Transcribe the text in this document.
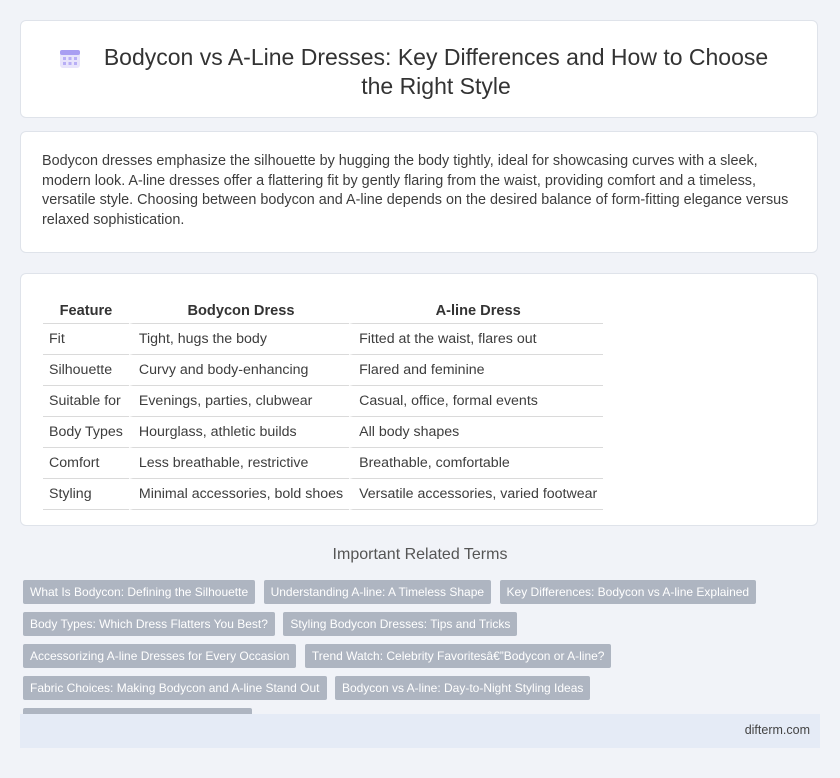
Bodycon vs A-Line Dresses: Key Differences and How to Choose the Right Style

Bodycon dresses emphasize the silhouette by hugging the body tightly, ideal for showcasing curves with a sleek, modern look. A-line dresses offer a flattering fit by gently flaring from the waist, providing comfort and a timeless, versatile style. Choosing between bodycon and A-line depends on the desired balance of form-fitting elegance versus relaxed sophistication.

Feature	Bodycon Dress	A-line Dress
Fit	Tight, hugs the body	Fitted at the waist, flares out
Silhouette	Curvy and body-enhancing	Flared and feminine
Suitable for	Evenings, parties, clubwear	Casual, office, formal events
Body Types	Hourglass, athletic builds	All body shapes
Comfort	Less breathable, restrictive	Breathable, comfortable
Styling	Minimal accessories, bold shoes	Versatile accessories, varied footwear
Important Related Terms
What Is Bodycon: Defining the Silhouette Understanding A-line: A Timeless Shape Key Differences: Bodycon vs A-line Explained Body Types: Which Dress Flatters You Best? Styling Bodycon Dresses: Tips and Tricks Accessorizing A-line Dresses for Every Occasion Trend Watch: Celebrity Favoritesâ€”Bodycon or A-line? Fabric Choices: Making Bodycon and A-line Stand Out Bodycon vs A-line: Day-to-Night Styling Ideas
difterm.com
